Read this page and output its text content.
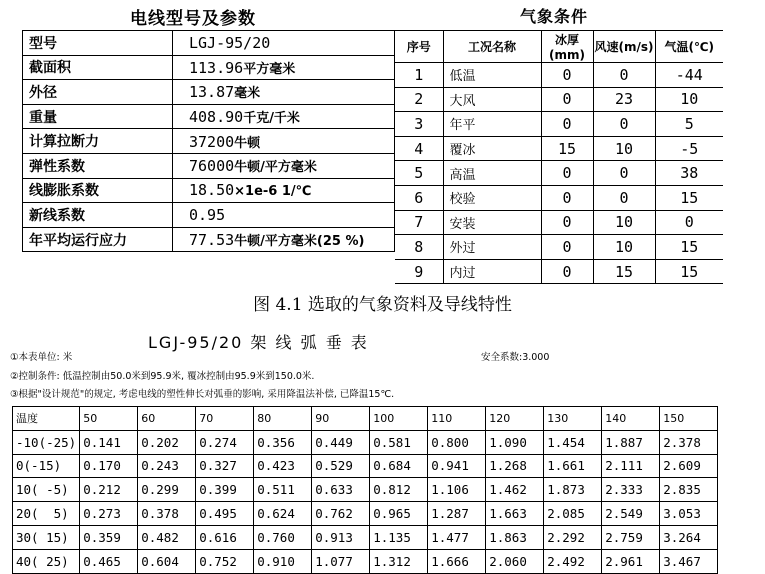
电线型号及参数
型号	LGJ-95/20
截面积	113.96平方毫米
外径	13.87毫米
重量	408.90千克/千米
计算拉断力	37200牛顿
弹性系数	76000牛顿/平方毫米
线膨胀系数	18.50×1e-6 1/℃
新线系数	0.95
年平均运行应力	77.53牛顿/平方毫米(25 %)
气象条件
序号	工况名称	冰厚(mm)	风速(m/s)	气温(℃)
1	低温	0	0	-44
2	大风	0	23	10
3	年平	0	0	5
4	覆冰	15	10	-5
5	高温	0	0	38
6	校验	0	0	15
7	安装	0	10	0
8	外过	0	10	15
9	内过	0	15	15
图 4.1 选取的气象资料及导线特性
LGJ-95/20 架 线 弧 垂 表
①本表单位: 米	安全系数:3.000
②控制条件: 低温控制由50.0米到95.9米, 覆冰控制由95.9米到150.0米.
③根据"设计规范"的规定, 考虑电线的塑性伸长对弧垂的影响, 采用降温法补偿, 已降温15℃.
温度	50	60	70	80	90	100	110	120	130	140	150
-10(-25)	0.141	0.202	0.274	0.356	0.449	0.581	0.800	1.090	1.454	1.887	2.378
0(-15)	0.170	0.243	0.327	0.423	0.529	0.684	0.941	1.268	1.661	2.111	2.609
10( -5)	0.212	0.299	0.399	0.511	0.633	0.812	1.106	1.462	1.873	2.333	2.835
20(  5)	0.273	0.378	0.495	0.624	0.762	0.965	1.287	1.663	2.085	2.549	3.053
30( 15)	0.359	0.482	0.616	0.760	0.913	1.135	1.477	1.863	2.292	2.759	3.264
40( 25)	0.465	0.604	0.752	0.910	1.077	1.312	1.666	2.060	2.492	2.961	3.467
